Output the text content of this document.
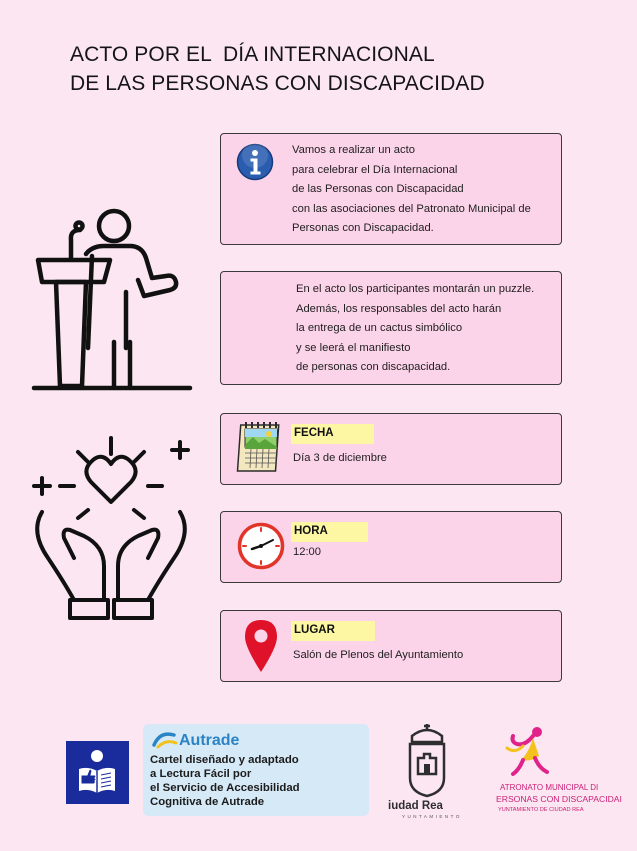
ACTO POR EL  DÍA INTERNACIONAL
DE LAS PERSONAS CON DISCAPACIDAD
Vamos a realizar un acto
para celebrar el Día Internacional
de las Personas con Discapacidad
con las asociaciones del Patronato Municipal de
Personas con Discapacidad.
En el acto los participantes montarán un puzzle.
Además, los responsables del acto harán
la entrega de un cactus simbólico
y se leerá el manifiesto
de personas con discapacidad.
FECHA
Día 3 de diciembre
HORA
12:00
LUGAR
Salón de Plenos del Ayuntamiento
Autrade
Cartel diseñado y adaptado
a Lectura Fácil por
el Servicio de Accesibilidad
Cognitiva de Autrade	iudad Rea
YUNTAMIENTO
ATRONATO MUNICIPAL DI
ERSONAS CON DISCAPACIDAI
YUNTAMIENTO DE CIUDAD REA
